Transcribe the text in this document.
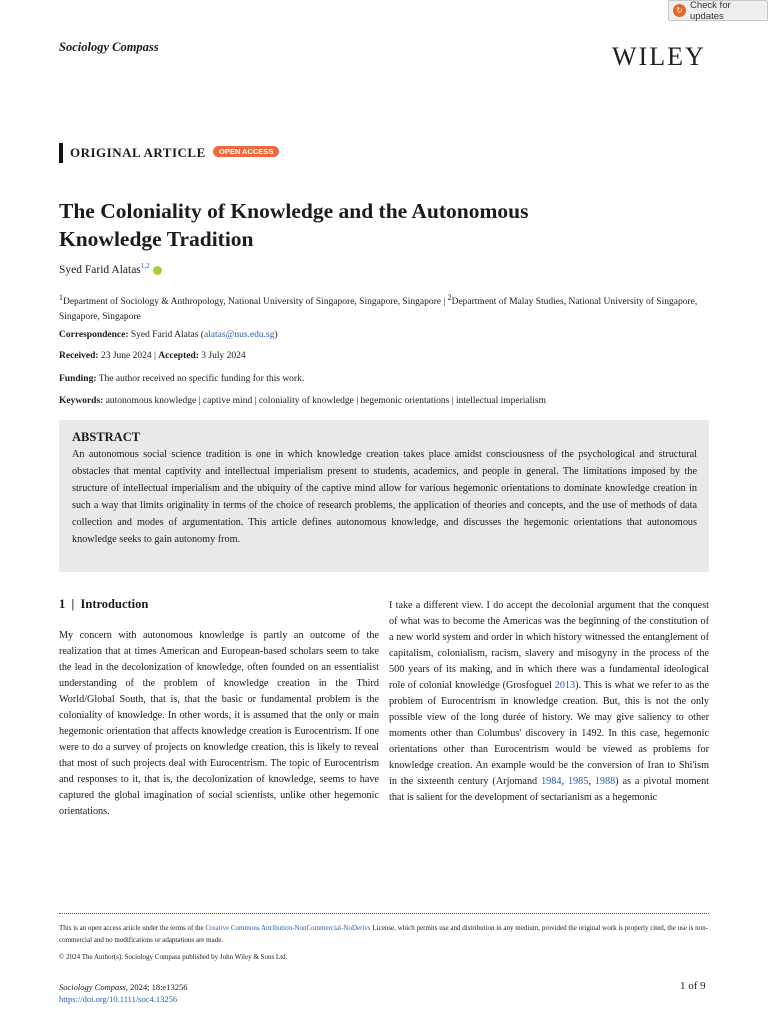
↻ Check for updates
Sociology Compass	WILEY
ORIGINAL ARTICLE	OPEN ACCESS
The Coloniality of Knowledge and the Autonomous
Knowledge Tradition
Syed Farid Alatas$^{1,2}$
$^1$Department of Sociology & Anthropology, National University of Singapore, Singapore, Singapore | $^2$Department of Malay Studies, National University of Singapore, Singapore, Singapore
Correspondence: Syed Farid Alatas (alatas@nus.edu.sg)
Received: 23 June 2024 | Accepted: 3 July 2024
Funding: The author received no specific funding for this work.
Keywords: autonomous knowledge | captive mind | coloniality of knowledge | hegemonic orientations | intellectual imperialism
ABSTRACT
An autonomous social science tradition is one in which knowledge creation takes place amidst consciousness of the psychological and structural obstacles that mental captivity and intellectual imperialism present to students, academics, and people in general. The limitations imposed by the structure of intellectual imperialism and the ubiquity of the captive mind allow for various hegemonic orientations to dominate knowledge creation in such a way that limits originality in terms of the choice of research problems, the application of theories and concepts, and the use of methods of data collection and modes of argumentation. This article defines autonomous knowledge, and discusses the hegemonic orientations that autonomous knowledge seeks to gain autonomy from.
1  |  Introduction
My concern with autonomous knowledge is partly an outcome of the realization that at times American and European-based scholars seem to take the lead in the decolonization of knowledge, often founded on an essentialist understanding of the problem of knowledge creation in the Third World/Global South, that is, that the basic or fundamental problem is the coloniality of knowledge. In other words, it is assumed that the only or main hegemonic orientation that affects knowledge creation is Eurocentrism. If one were to do a survey of projects on knowledge creation, this is likely to reveal that most of such projects deal with Eurocentrism. The topic of Eurocentrism and responses to it, that is, the decolonization of knowledge, seems to have captured the global imagination of social scientists, unlike other hegemonic orientations.
I take a different view. I do accept the decolonial argument that the conquest of what was to become the Americas was the beginning of the constitution of a new world system and order in which history witnessed the entanglement of capitalism, colonialism, racism, slavery and misogyny in the process of the 500 years of its making, and in which there was a fundamental ideological role of colonial knowledge (Grosfoguel 2013). This is what we refer to as the problem of Eurocentrism in knowledge creation. But, this is not the only possible view of the long durée of history. We may give saliency to other moments other than Columbus' discovery in 1492. In this case, hegemonic orientations other than Eurocentrism would be viewed as problems for knowledge creation. An example would be the conversion of Iran to Shi'ism in the sixteenth century (Arjomand 1984, 1985, 1988) as a pivotal moment that is salient for the development of sectarianism as a hegemonic
This is an open access article under the terms of the Creative Commons Attribution-NonCommercial-NoDerivs License, which permits use and distribution in any medium, provided the original work is properly cited, the use is non-commercial and no modifications or adaptations are made.
© 2024 The Author(s). Sociology Compass published by John Wiley & Sons Ltd.
Sociology Compass, 2024; 18:e13256
https://doi.org/10.1111/soc4.13256
1 of 9
